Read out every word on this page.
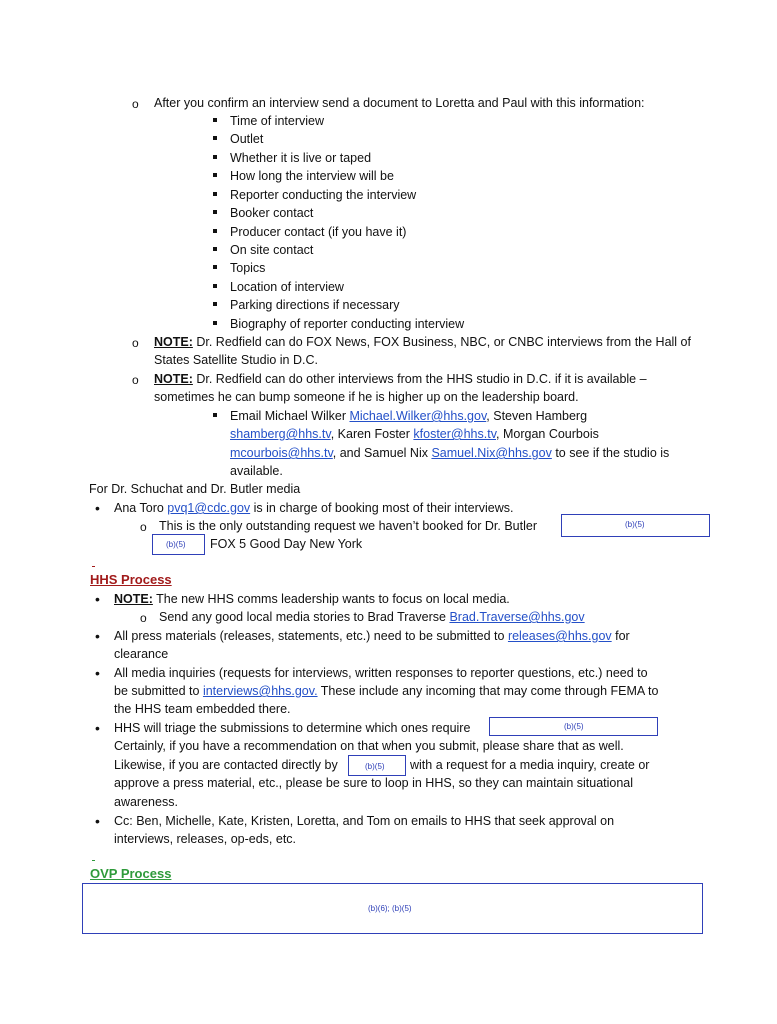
o After you confirm an interview send a document to Loretta and Paul with this information:
Time of interview
Outlet
Whether it is live or taped
How long the interview will be
Reporter conducting the interview
Booker contact
Producer contact (if you have it)
On site contact
Topics
Location of interview
Parking directions if necessary
Biography of reporter conducting interview
o NOTE: Dr. Redfield can do FOX News, FOX Business, NBC, or CNBC interviews from the Hall of
States Satellite Studio in D.C.
o NOTE: Dr. Redfield can do other interviews from the HHS studio in D.C. if it is available –
sometimes he can bump someone if he is higher up on the leadership board.
Email Michael Wilker Michael.Wilker@hhs.gov, Steven Hamberg
shamberg@hhs.tv, Karen Foster kfoster@hhs.tv, Morgan Courbois
mcourbois@hhs.tv, and Samuel Nix Samuel.Nix@hhs.gov to see if the studio is
available.
For Dr. Schuchat and Dr. Butler media
• Ana Toro pvq1@cdc.gov is in charge of booking most of their interviews.
o This is the only outstanding request we haven’t booked for Dr. Butler	(b)(5)
(b)(5) FOX 5 Good Day New York
HHS Process
• NOTE: The new HHS comms leadership wants to focus on local media.
o Send any good local media stories to Brad Traverse Brad.Traverse@hhs.gov
• All press materials (releases, statements, etc.) need to be submitted to releases@hhs.gov for
clearance
• All media inquiries (requests for interviews, written responses to reporter questions, etc.) need to
be submitted to interviews@hhs.gov. These include any incoming that may come through FEMA to
the HHS team embedded there.
• HHS will triage the submissions to determine which ones require	(b)(5)
Certainly, if you have a recommendation on that when you submit, please share that as well.
Likewise, if you are contacted directly by	(b)(5) with a request for a media inquiry, create or
approve a press material, etc., please be sure to loop in HHS, so they can maintain situational
awareness.
• Cc: Ben, Michelle, Kate, Kristen, Loretta, and Tom on emails to HHS that seek approval on
interviews, releases, op-eds, etc.
OVP Process
(b)(6); (b)(5)
